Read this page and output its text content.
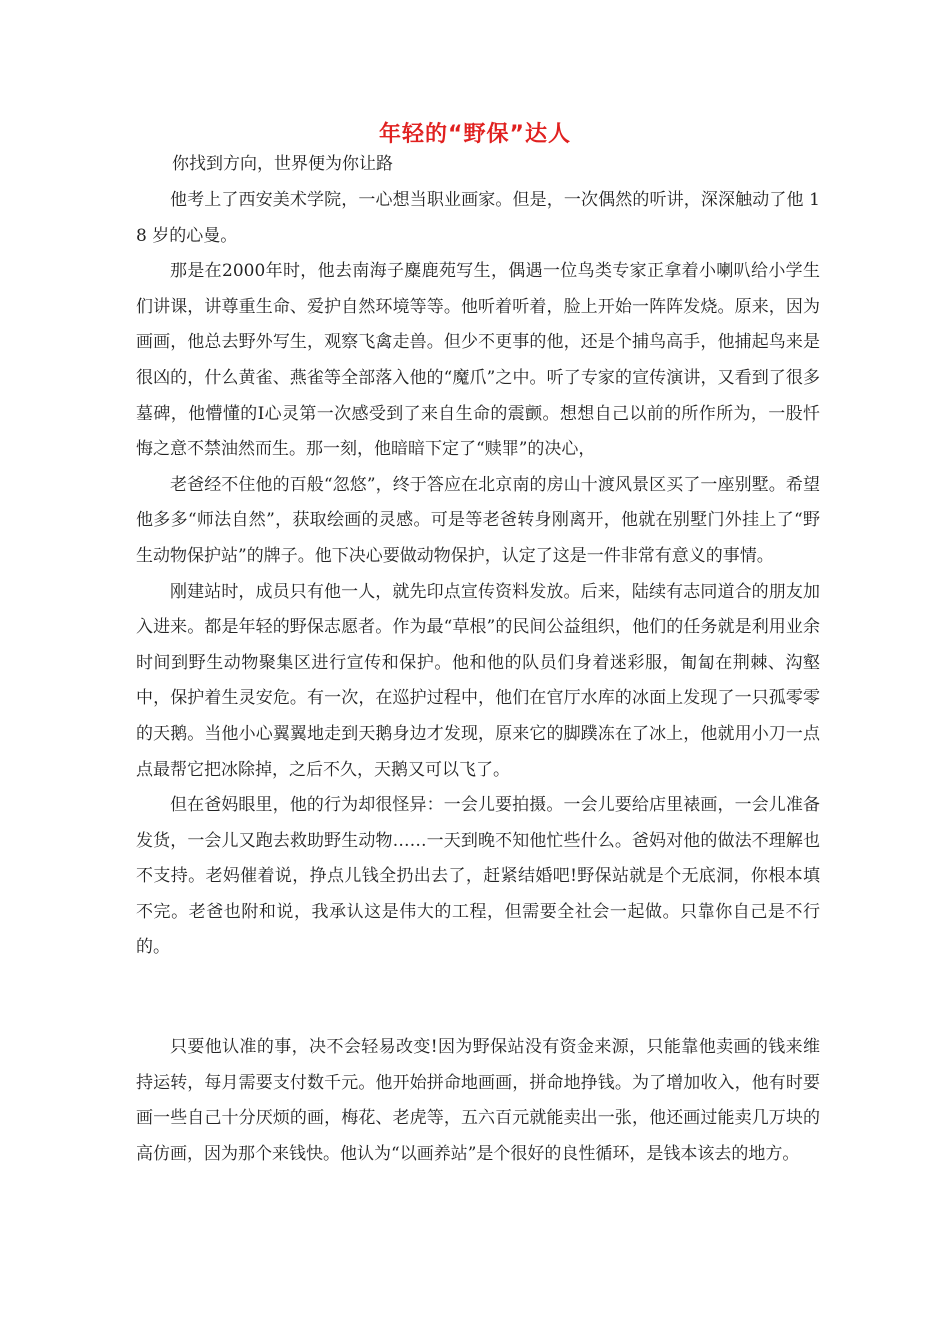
年轻的“野保”达人
你找到方向，世界便为你让路

他考上了西安美术学院，一心想当职业画家。但是，一次偶然的听讲，深深触动了他 18 岁的心曼。

那是在2000年时，他去南海子麋鹿苑写生，偶遇一位鸟类专家正拿着小喇叭给小学生们讲课，讲尊重生命、爱护自然环境等等。他听着听着，脸上开始一阵阵发烧。原来，因为画画，他总去野外写生，观察飞禽走兽。但少不更事的他，还是个捕鸟高手，他捕起鸟来是很凶的，什么黄雀、燕雀等全部落入他的“魔爪”之中。听了专家的宣传演讲，又看到了很多墓碑，他懵懂的Ⅰ心灵第一次感受到了来自生命的震颤。想想自己以前的所作所为，一股忏悔之意不禁油然而生。那一刻，他暗暗下定了“赎罪”的决心，

老爸经不住他的百般“忽悠”，终于答应在北京南的房山十渡风景区买了一座别墅。希望他多多“师法自然”，获取绘画的灵感。可是等老爸转身刚离开，他就在别墅门外挂上了“野生动物保护站”的牌子。他下决心要做动物保护，认定了这是一件非常有意义的事情。

刚建站时，成员只有他一人，就先印点宣传资料发放。后来，陆续有志同道合的朋友加入进来。都是年轻的野保志愿者。作为最“草根”的民间公益组织，他们的任务就是利用业余时间到野生动物聚集区进行宣传和保护。他和他的队员们身着迷彩服，匍匐在荆棘、沟壑中，保护着生灵安危。有一次，在巡护过程中，他们在官厅水库的冰面上发现了一只孤零零的天鹅。当他小心翼翼地走到天鹅身边才发现，原来它的脚蹼冻在了冰上，他就用小刀一点点最帮它把冰除掉，之后不久，天鹅又可以飞了。

但在爸妈眼里，他的行为却很怪异：一会儿要拍摄。一会儿要给店里裱画，一会儿准备发货，一会儿又跑去救助野生动物……一天到晚不知他忙些什么。爸妈对他的做法不理解也不支持。老妈催着说，挣点儿钱全扔出去了，赶紧结婚吧!野保站就是个无底洞，你根本填不完。老爸也附和说，我承认这是伟大的工程，但需要全社会一起做。只靠你自己是不行的。

只要他认准的事，决不会轻易改变!因为野保站没有资金来源，只能靠他卖画的钱来维持运转，每月需要支付数千元。他开始拼命地画画，拼命地挣钱。为了增加收入，他有时要画一些自己十分厌烦的画，梅花、老虎等，五六百元就能卖出一张，他还画过能卖几万块的高仿画，因为那个来钱快。他认为“以画养站”是个很好的良性循环，是钱本该去的地方。
